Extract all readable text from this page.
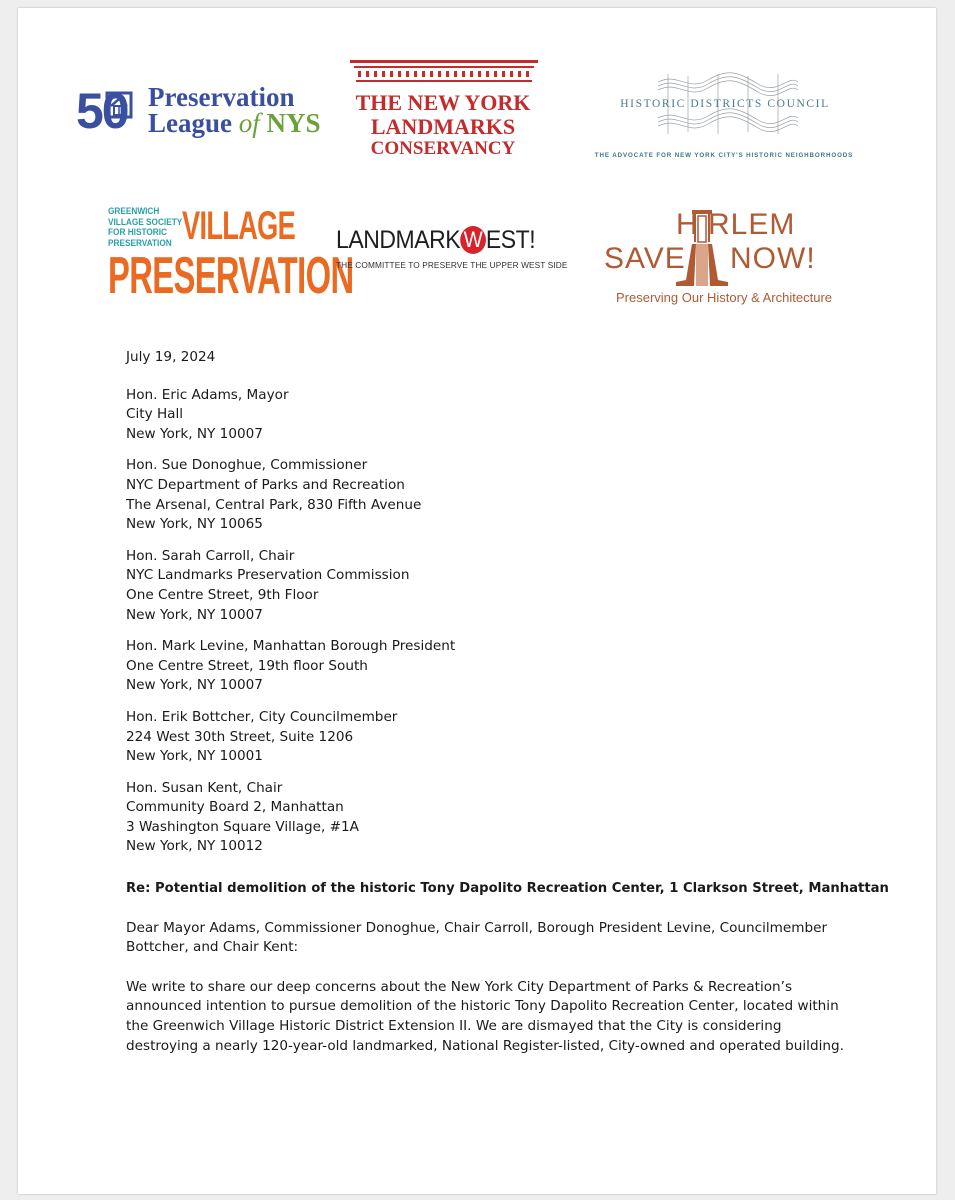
50 Preservation
League of NYS
THE NEW YORK
LANDMARKS
CONSERVANCY
HISTORIC DISTRICTS COUNCIL
THE ADVOCATE FOR NEW YORK CITY'S HISTORIC NEIGHBORHOODS
GREENWICH
VILLAGE SOCIETY
FOR HISTORIC
PRESERVATION VILLAGE
PRESERVATION
LANDMARK W EST!
THE COMMITTEE TO PRESERVE THE UPPER WEST SIDE
H RLEM
SAVE NOW!
Preserving Our History & Architecture
July 19, 2024
Hon. Eric Adams, Mayor
City Hall
New York, NY 10007
Hon. Sue Donoghue, Commissioner
NYC Department of Parks and Recreation
The Arsenal, Central Park, 830 Fifth Avenue
New York, NY 10065
Hon. Sarah Carroll, Chair
NYC Landmarks Preservation Commission
One Centre Street, 9th Floor
New York, NY 10007
Hon. Mark Levine, Manhattan Borough President
One Centre Street, 19th floor South
New York, NY 10007
Hon. Erik Bottcher, City Councilmember
224 West 30th Street, Suite 1206
New York, NY 10001
Hon. Susan Kent, Chair
Community Board 2, Manhattan
3 Washington Square Village, #1A
New York, NY 10012
Re: Potential demolition of the historic Tony Dapolito Recreation Center, 1 Clarkson Street, Manhattan
Dear Mayor Adams, Commissioner Donoghue, Chair Carroll, Borough President Levine, Councilmember Bottcher, and Chair Kent:
We write to share our deep concerns about the New York City Department of Parks & Recreation’s announced intention to pursue demolition of the historic Tony Dapolito Recreation Center, located within the Greenwich Village Historic District Extension II. We are dismayed that the City is considering destroying a nearly 120-year-old landmarked, National Register-listed, City-owned and operated building.
